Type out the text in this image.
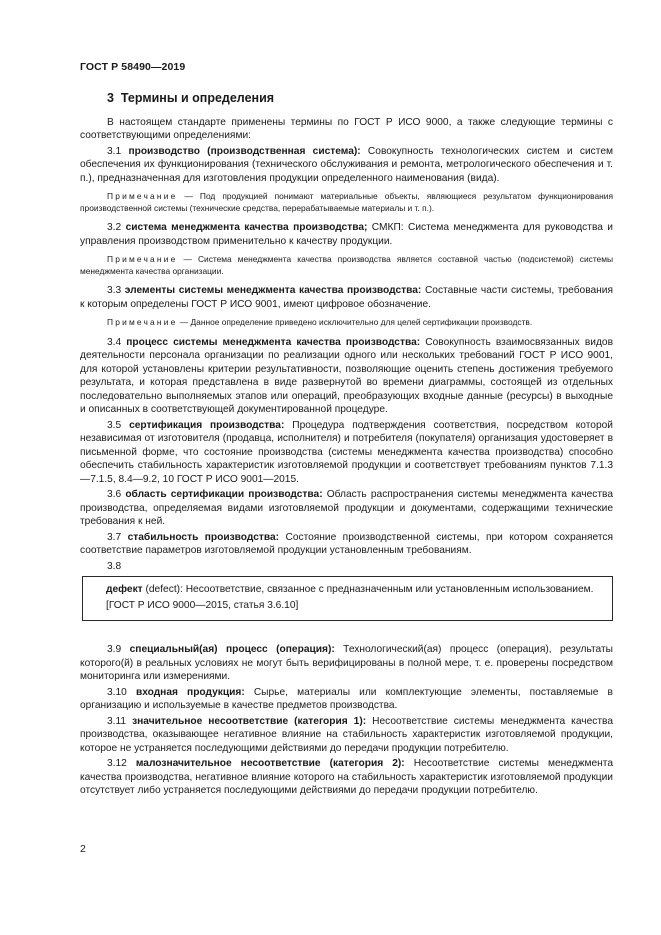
ГОСТ Р 58490—2019
3 Термины и определения

В настоящем стандарте применены термины по ГОСТ Р ИСО 9000, а также следующие термины с соответствующими определениями:

3.1 производство (производственная система): Совокупность технологических систем и систем обеспечения их функционирования (технического обслуживания и ремонта, метрологического обеспечения и т. п.), предназначенная для изготовления продукции определенного наименования (вида).

Примечание — Под продукцией понимают материальные объекты, являющиеся результатом функционирования производственной системы (технические средства, перерабатываемые материалы и т. п.).

3.2 система менеджмента качества производства; СМКП: Система менеджмента для руководства и управления производством применительно к качеству продукции.

Примечание — Система менеджмента качества производства является составной частью (подсистемой) системы менеджмента качества организации.

3.3 элементы системы менеджмента качества производства: Составные части системы, требования к которым определены ГОСТ Р ИСО 9001, имеют цифровое обозначение.

Примечание — Данное определение приведено исключительно для целей сертификации производств.

3.4 процесс системы менеджмента качества производства: Совокупность взаимосвязанных видов деятельности персонала организации по реализации одного или нескольких требований ГОСТ Р ИСО 9001, для которой установлены критерии результативности, позволяющие оценить степень достижения требуемого результата, и которая представлена в виде развернутой во времени диаграммы, состоящей из отдельных последовательно выполняемых этапов или операций, преобразующих входные данные (ресурсы) в выходные и описанных в соответствующей документированной процедуре.

3.5 сертификация производства: Процедура подтверждения соответствия, посредством которой независимая от изготовителя (продавца, исполнителя) и потребителя (покупателя) организация удостоверяет в письменной форме, что состояние производства (системы менеджмента качества производства) способно обеспечить стабильность характеристик изготовляемой продукции и соответствует требованиям пунктов 7.1.3—7.1.5, 8.4—9.2, 10 ГОСТ Р ИСО 9001—2015.

3.6 область сертификации производства: Область распространения системы менеджмента качества производства, определяемая видами изготовляемой продукции и документами, содержащими технические требования к ней.

3.7 стабильность производства: Состояние производственной системы, при котором сохраняется соответствие параметров изготовляемой продукции установленным требованиям.

3.8

дефект (defect): Несоответствие, связанное с предназначенным или установленным использованием.

[ГОСТ Р ИСО 9000—2015, статья 3.6.10]

3.9 специальный(ая) процесс (операция): Технологический(ая) процесс (операция), результаты которого(й) в реальных условиях не могут быть верифицированы в полной мере, т. е. проверены посредством мониторинга или измерениями.

3.10 входная продукция: Сырье, материалы или комплектующие элементы, поставляемые в организацию и используемые в качестве предметов производства.

3.11 значительное несоответствие (категория 1): Несоответствие системы менеджмента качества производства, оказывающее негативное влияние на стабильность характеристик изготовляемой продукции, которое не устраняется последующими действиями до передачи продукции потребителю.

3.12 малозначительное несоответствие (категория 2): Несоответствие системы менеджмента качества производства, негативное влияние которого на стабильность характеристик изготовляемой продукции отсутствует либо устраняется последующими действиями до передачи продукции потребителю.

2
